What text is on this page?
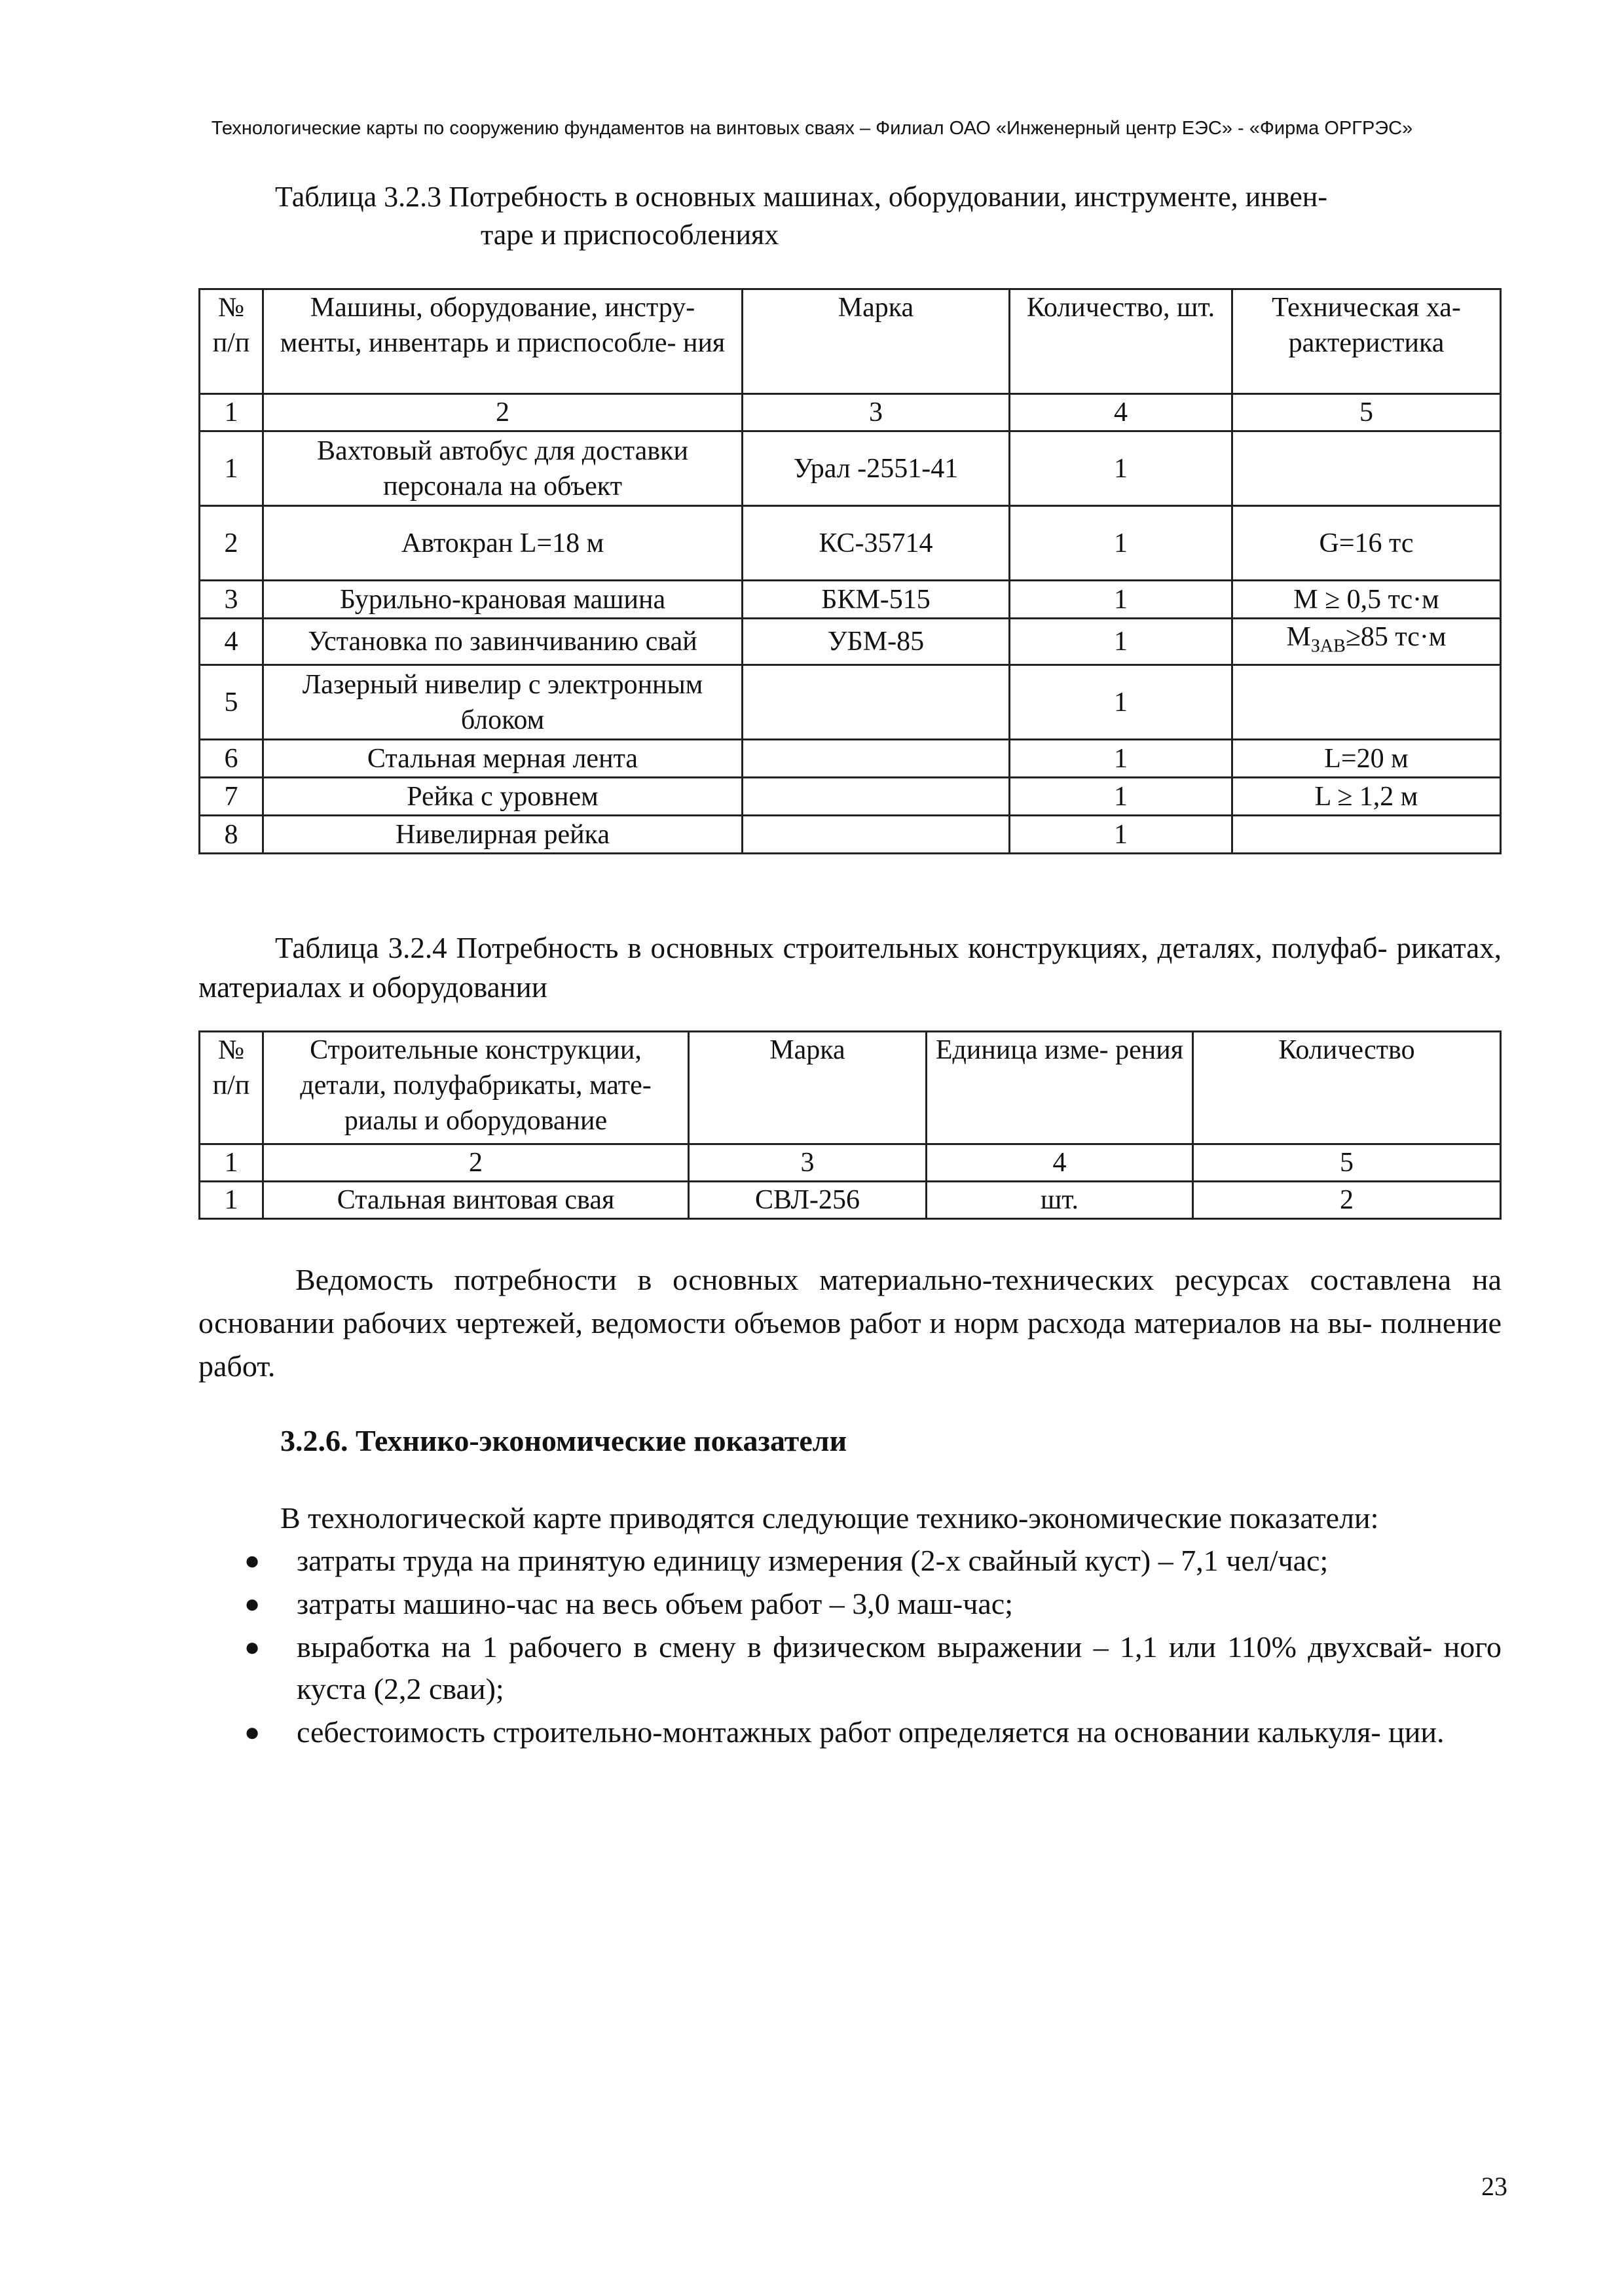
Технологические карты по сооружению фундаментов на винтовых сваях – Филиал ОАО «Инженерный центр ЕЭС» - «Фирма ОРГРЭС»
Таблица 3.2.3 Потребность в основных машинах, оборудовании, инструменте, инвен-
таре и приспособлениях
№ п/п	Машины, оборудование, инстру- менты, инвентарь и приспособле- ния	Марка	Количество, шт.	Техническая ха- рактеристика
1	2	3	4	5
1	Вахтовый автобус для доставки персонала на объект	Урал -2551-41	1	
2	Автокран L=18 м	КС-35714	1	G=16 тс
3	Бурильно-крановая машина	БКМ-515	1	М ≥ 0,5 тс·м
4	Установка по завинчиванию свай	УБМ-85	1	$М_{ЗАВ}\ge 85$ тс·м
5	Лазерный нивелир с электронным блоком		1	
6	Стальная мерная лента		1	L=20 м
7	Рейка с уровнем		1	L ≥ 1,2 м
8	Нивелирная рейка		1	
Таблица 3.2.4 Потребность в основных строительных конструкциях, деталях, полуфаб- рикатах, материалах и оборудовании
№ п/п	Строительные конструкции, детали, полуфабрикаты, мате- риалы и оборудование	Марка	Единица изме- рения	Количество
1	2	3	4	5
1	Стальная винтовая свая	СВЛ-256	шт.	2
Ведомость потребности в основных материально-технических ресурсах составлена на основании рабочих чертежей, ведомости объемов работ и норм расхода материалов на вы- полнение работ.
3.2.6. Технико-экономические показатели
В технологической карте приводятся следующие технико-экономические показатели:
● затраты труда на принятую единицу измерения (2-х свайный куст) – 7,1 чел/час;
● затраты машино-час на весь объем работ – 3,0 маш-час;
● выработка на 1 рабочего в смену в физическом выражении – 1,1 или 110% двухсвай- ного куста (2,2 сваи);
● себестоимость строительно-монтажных работ определяется на основании калькуля- ции.
23
